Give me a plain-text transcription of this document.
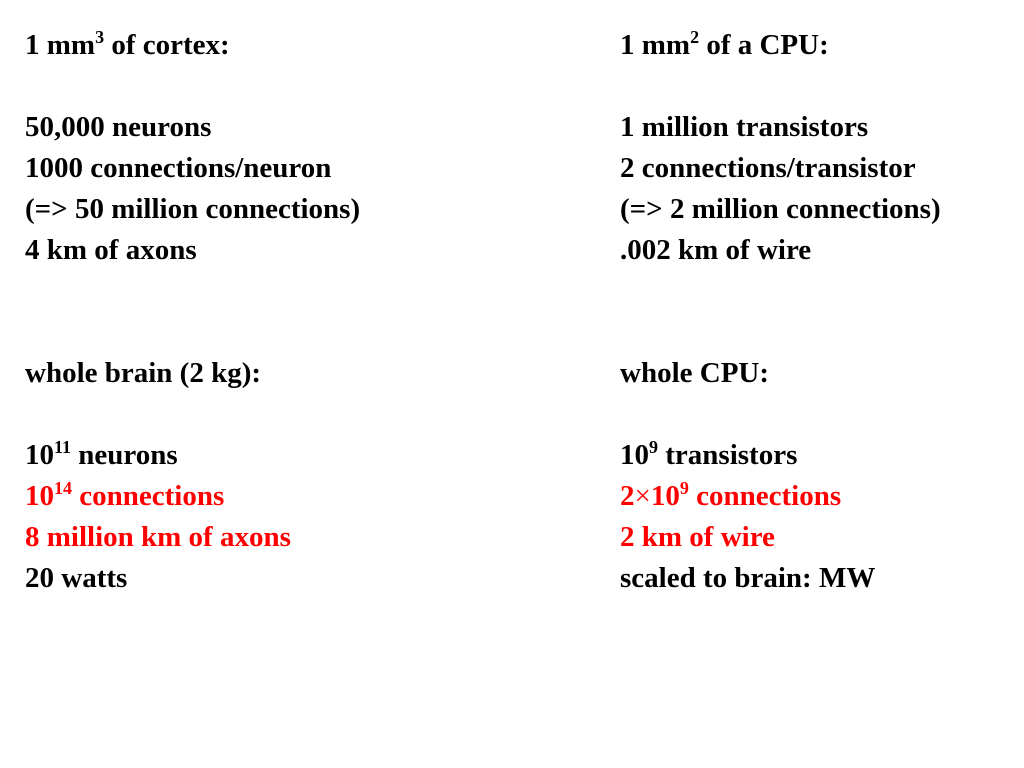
1 $mm^3$ of cortex:
50,000 neurons
1000 connections/neuron
(=> 50 million connections)
4 km of axons
whole brain (2 kg):
$10^{11}$ neurons
$10^{14}$ connections
8 million km of axons
20 watts
1 $mm^2$ of a CPU:
1 million transistors
2 connections/transistor
(=> 2 million connections)
.002 km of wire
whole CPU:
$10^9$ transistors
$2\times 10^9$ connections
2 km of wire
scaled to brain: MW
